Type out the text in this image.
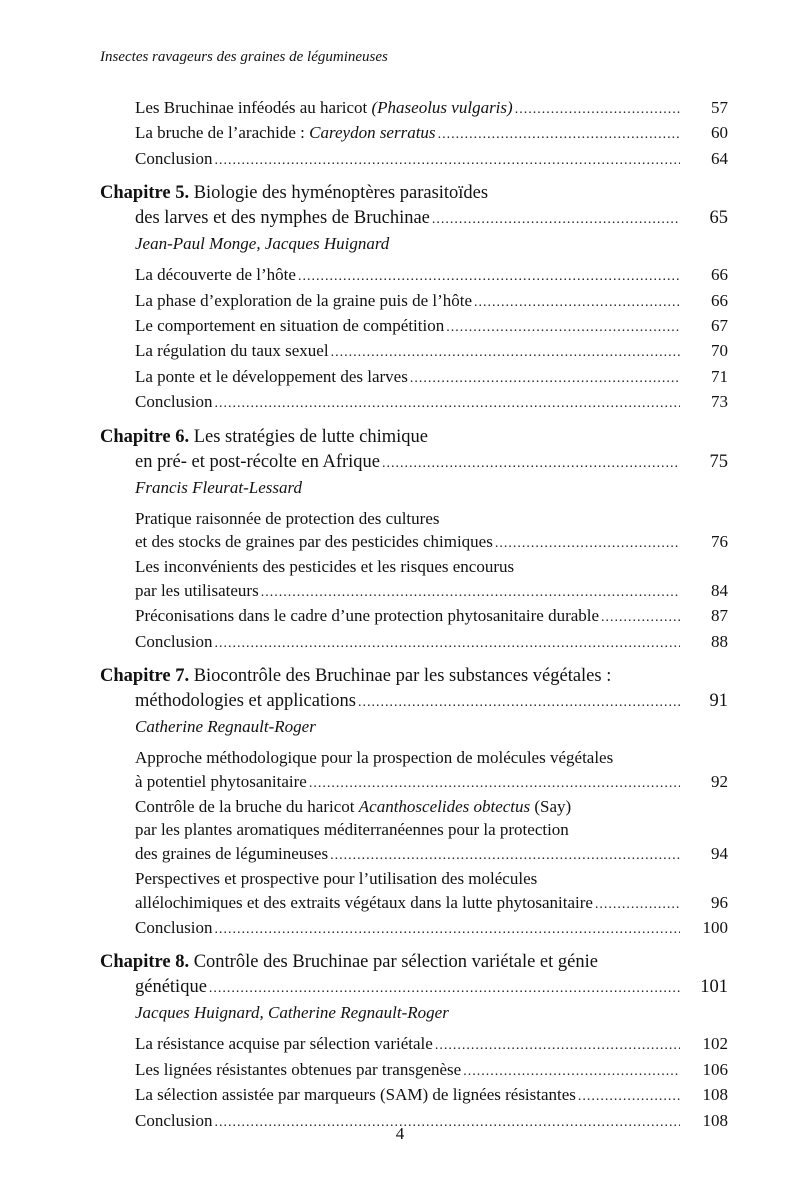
Insectes ravageurs des graines de légumineuses
Les Bruchinae inféodés au haricot (Phaseolus vulgaris) .....	57
La bruche de l’arachide : Careydon serratus .....	60
Conclusion .....	64
Chapitre 5. Biologie des hyménoptères parasitoïdes
des larves et des nymphes de Bruchinae .....	65
Jean-Paul Monge, Jacques Huignard
La découverte de l’hôte .....	66
La phase d’exploration de la graine puis de l’hôte .....	66
Le comportement en situation de compétition .....	67
La régulation du taux sexuel .....	70
La ponte et le développement des larves .....	71
Conclusion .....	73
Chapitre 6. Les stratégies de lutte chimique
en pré- et post-récolte en Afrique .....	75
Francis Fleurat-Lessard
Pratique raisonnée de protection des cultures
et des stocks de graines par des pesticides chimiques .....	76
Les inconvénients des pesticides et les risques encourus
par les utilisateurs .....	84
Préconisations dans le cadre d’une protection phytosanitaire durable .....	87
Conclusion .....	88
Chapitre 7. Biocontrôle des Bruchinae par les substances végétales :
méthodologies et applications .....	91
Catherine Regnault-Roger
Approche méthodologique pour la prospection de molécules végétales
à potentiel phytosanitaire .....	92
Contrôle de la bruche du haricot Acanthoscelides obtectus (Say)
par les plantes aromatiques méditerranéennes pour la protection
des graines de légumineuses .....	94
Perspectives et prospective pour l’utilisation des molécules
allélochimiques et des extraits végétaux dans la lutte phytosanitaire .....	96
Conclusion .....	100
Chapitre 8. Contrôle des Bruchinae par sélection variétale et génie
génétique .....	101
Jacques Huignard, Catherine Regnault-Roger
La résistance acquise par sélection variétale .....	102
Les lignées résistantes obtenues par transgenèse .....	106
La sélection assistée par marqueurs (SAM) de lignées résistantes .....	108
Conclusion .....	108
4
